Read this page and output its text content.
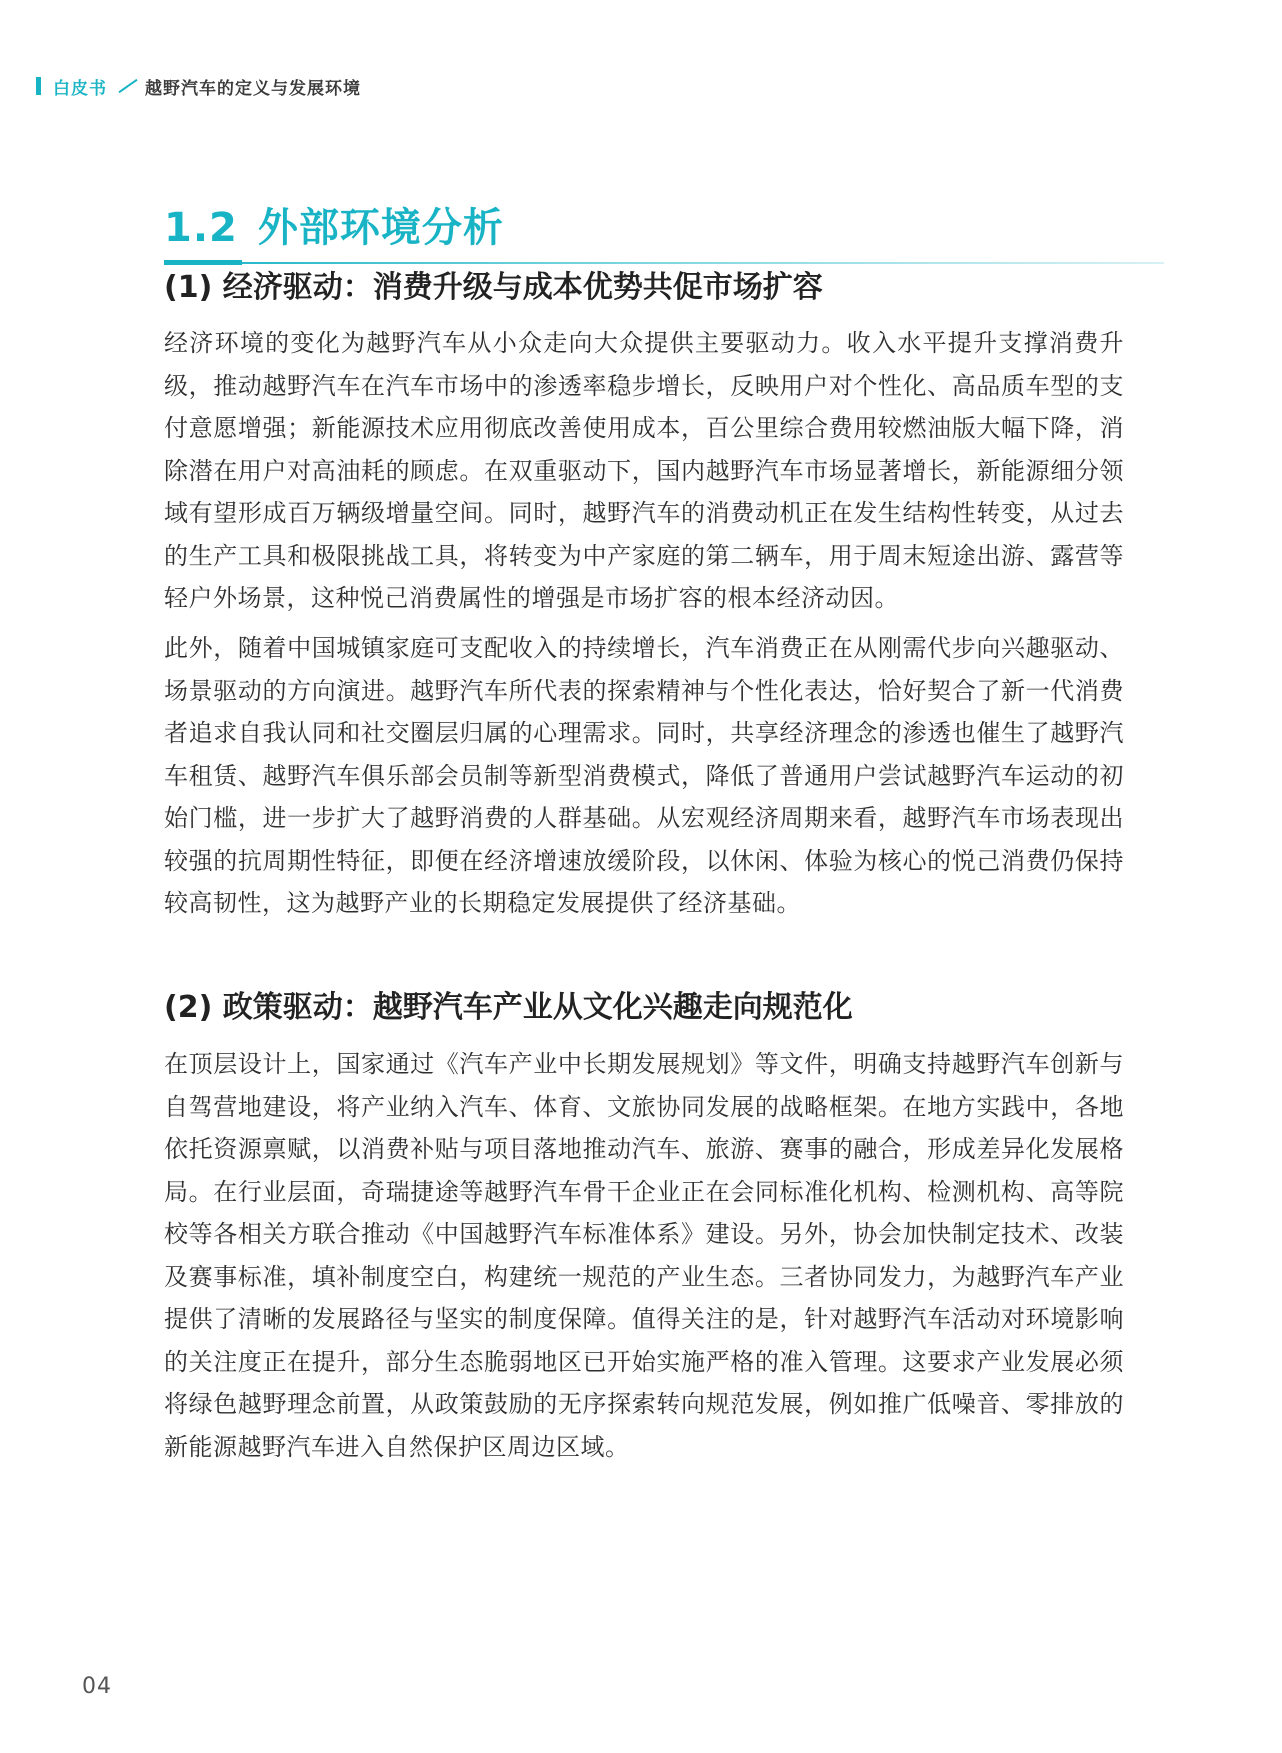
白皮书 越野汽车的定义与发展环境
1.2 外部环境分析
(1) 经济驱动：消费升级与成本优势共促市场扩容
经济环境的变化为越野汽车从小众走向大众提供主要驱动力。收入水平提升支撑消费升级，推动越野汽车在汽车市场中的渗透率稳步增长，反映用户对个性化、高品质车型的支付意愿增强；新能源技术应用彻底改善使用成本，百公里综合费用较燃油版大幅下降，消除潜在用户对高油耗的顾虑。在双重驱动下，国内越野汽车市场显著增长，新能源细分领域有望形成百万辆级增量空间。同时，越野汽车的消费动机正在发生结构性转变，从过去的生产工具和极限挑战工具，将转变为中产家庭的第二辆车，用于周末短途出游、露营等轻户外场景，这种悦己消费属性的增强是市场扩容的根本经济动因。
此外，随着中国城镇家庭可支配收入的持续增长，汽车消费正在从刚需代步向兴趣驱动、场景驱动的方向演进。越野汽车所代表的探索精神与个性化表达，恰好契合了新一代消费者追求自我认同和社交圈层归属的心理需求。同时，共享经济理念的渗透也催生了越野汽车租赁、越野汽车俱乐部会员制等新型消费模式，降低了普通用户尝试越野汽车运动的初始门槛，进一步扩大了越野消费的人群基础。从宏观经济周期来看，越野汽车市场表现出较强的抗周期性特征，即便在经济增速放缓阶段，以休闲、体验为核心的悦己消费仍保持较高韧性，这为越野产业的长期稳定发展提供了经济基础。
(2) 政策驱动：越野汽车产业从文化兴趣走向规范化
在顶层设计上，国家通过《汽车产业中长期发展规划》等文件，明确支持越野汽车创新与自驾营地建设，将产业纳入汽车、体育、文旅协同发展的战略框架。在地方实践中，各地依托资源禀赋，以消费补贴与项目落地推动汽车、旅游、赛事的融合，形成差异化发展格局。在行业层面，奇瑞捷途等越野汽车骨干企业正在会同标准化机构、检测机构、高等院校等各相关方联合推动《中国越野汽车标准体系》建设。另外，协会加快制定技术、改装及赛事标准，填补制度空白，构建统一规范的产业生态。三者协同发力，为越野汽车产业提供了清晰的发展路径与坚实的制度保障。值得关注的是，针对越野汽车活动对环境影响的关注度正在提升，部分生态脆弱地区已开始实施严格的准入管理。这要求产业发展必须将绿色越野理念前置，从政策鼓励的无序探索转向规范发展，例如推广低噪音、零排放的新能源越野汽车进入自然保护区周边区域。
04
